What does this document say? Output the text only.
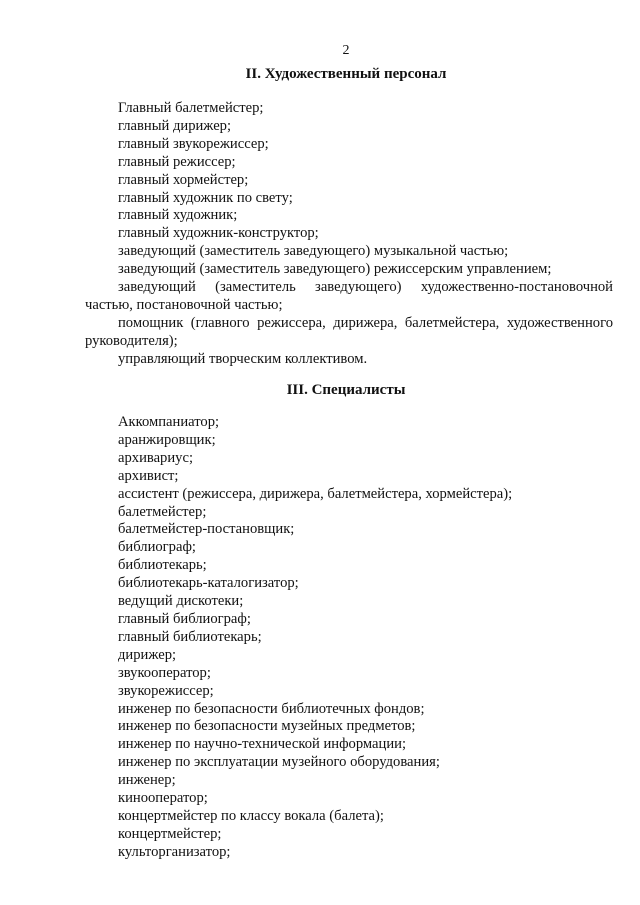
2
II. Художественный персонал
Главный балетмейстер;
главный дирижер;
главный звукорежиссер;
главный режиссер;
главный хормейстер;
главный художник по свету;
главный художник;
главный художник-конструктор;
заведующий (заместитель заведующего) музыкальной частью;
заведующий (заместитель заведующего) режиссерским управлением;
заведующий (заместитель заведующего) художественно-постановочной частью, постановочной частью;
помощник (главного режиссера, дирижера, балетмейстера, художественного руководителя);
управляющий творческим коллективом.
III. Специалисты
Аккомпаниатор;
аранжировщик;
архивариус;
архивист;
ассистент (режиссера, дирижера, балетмейстера, хормейстера);
балетмейстер;
балетмейстер-постановщик;
библиограф;
библиотекарь;
библиотекарь-каталогизатор;
ведущий дискотеки;
главный библиограф;
главный библиотекарь;
дирижер;
звукооператор;
звукорежиссер;
инженер по безопасности библиотечных фондов;
инженер по безопасности музейных предметов;
инженер по научно-технической информации;
инженер по эксплуатации музейного оборудования;
инженер;
кинооператор;
концертмейстер по классу вокала (балета);
концертмейстер;
культорганизатор;
